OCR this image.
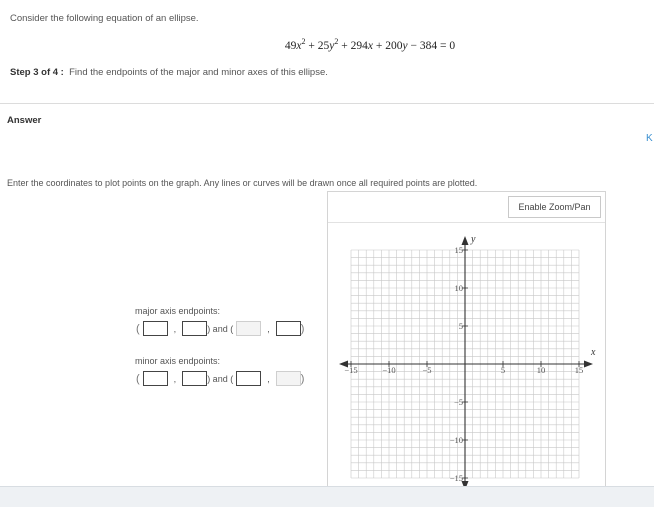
Consider the following equation of an ellipse.
$49x^2 + 25y^2 + 294x + 200y - 384 = 0$
Step 3 of 4 : Find the endpoints of the major and minor axes of this ellipse.
Answer
K
Enter the coordinates to plot points on the graph. Any lines or curves will be drawn once all required points are plotted.
major axis endpoints:
(	,	) and (	,	)
minor axis endpoints:
(	,	) and (	,	)
Enable Zoom/Pan
x
y
−15	−10	−5	5	10	15
15
10
5
−5
−10
−15
